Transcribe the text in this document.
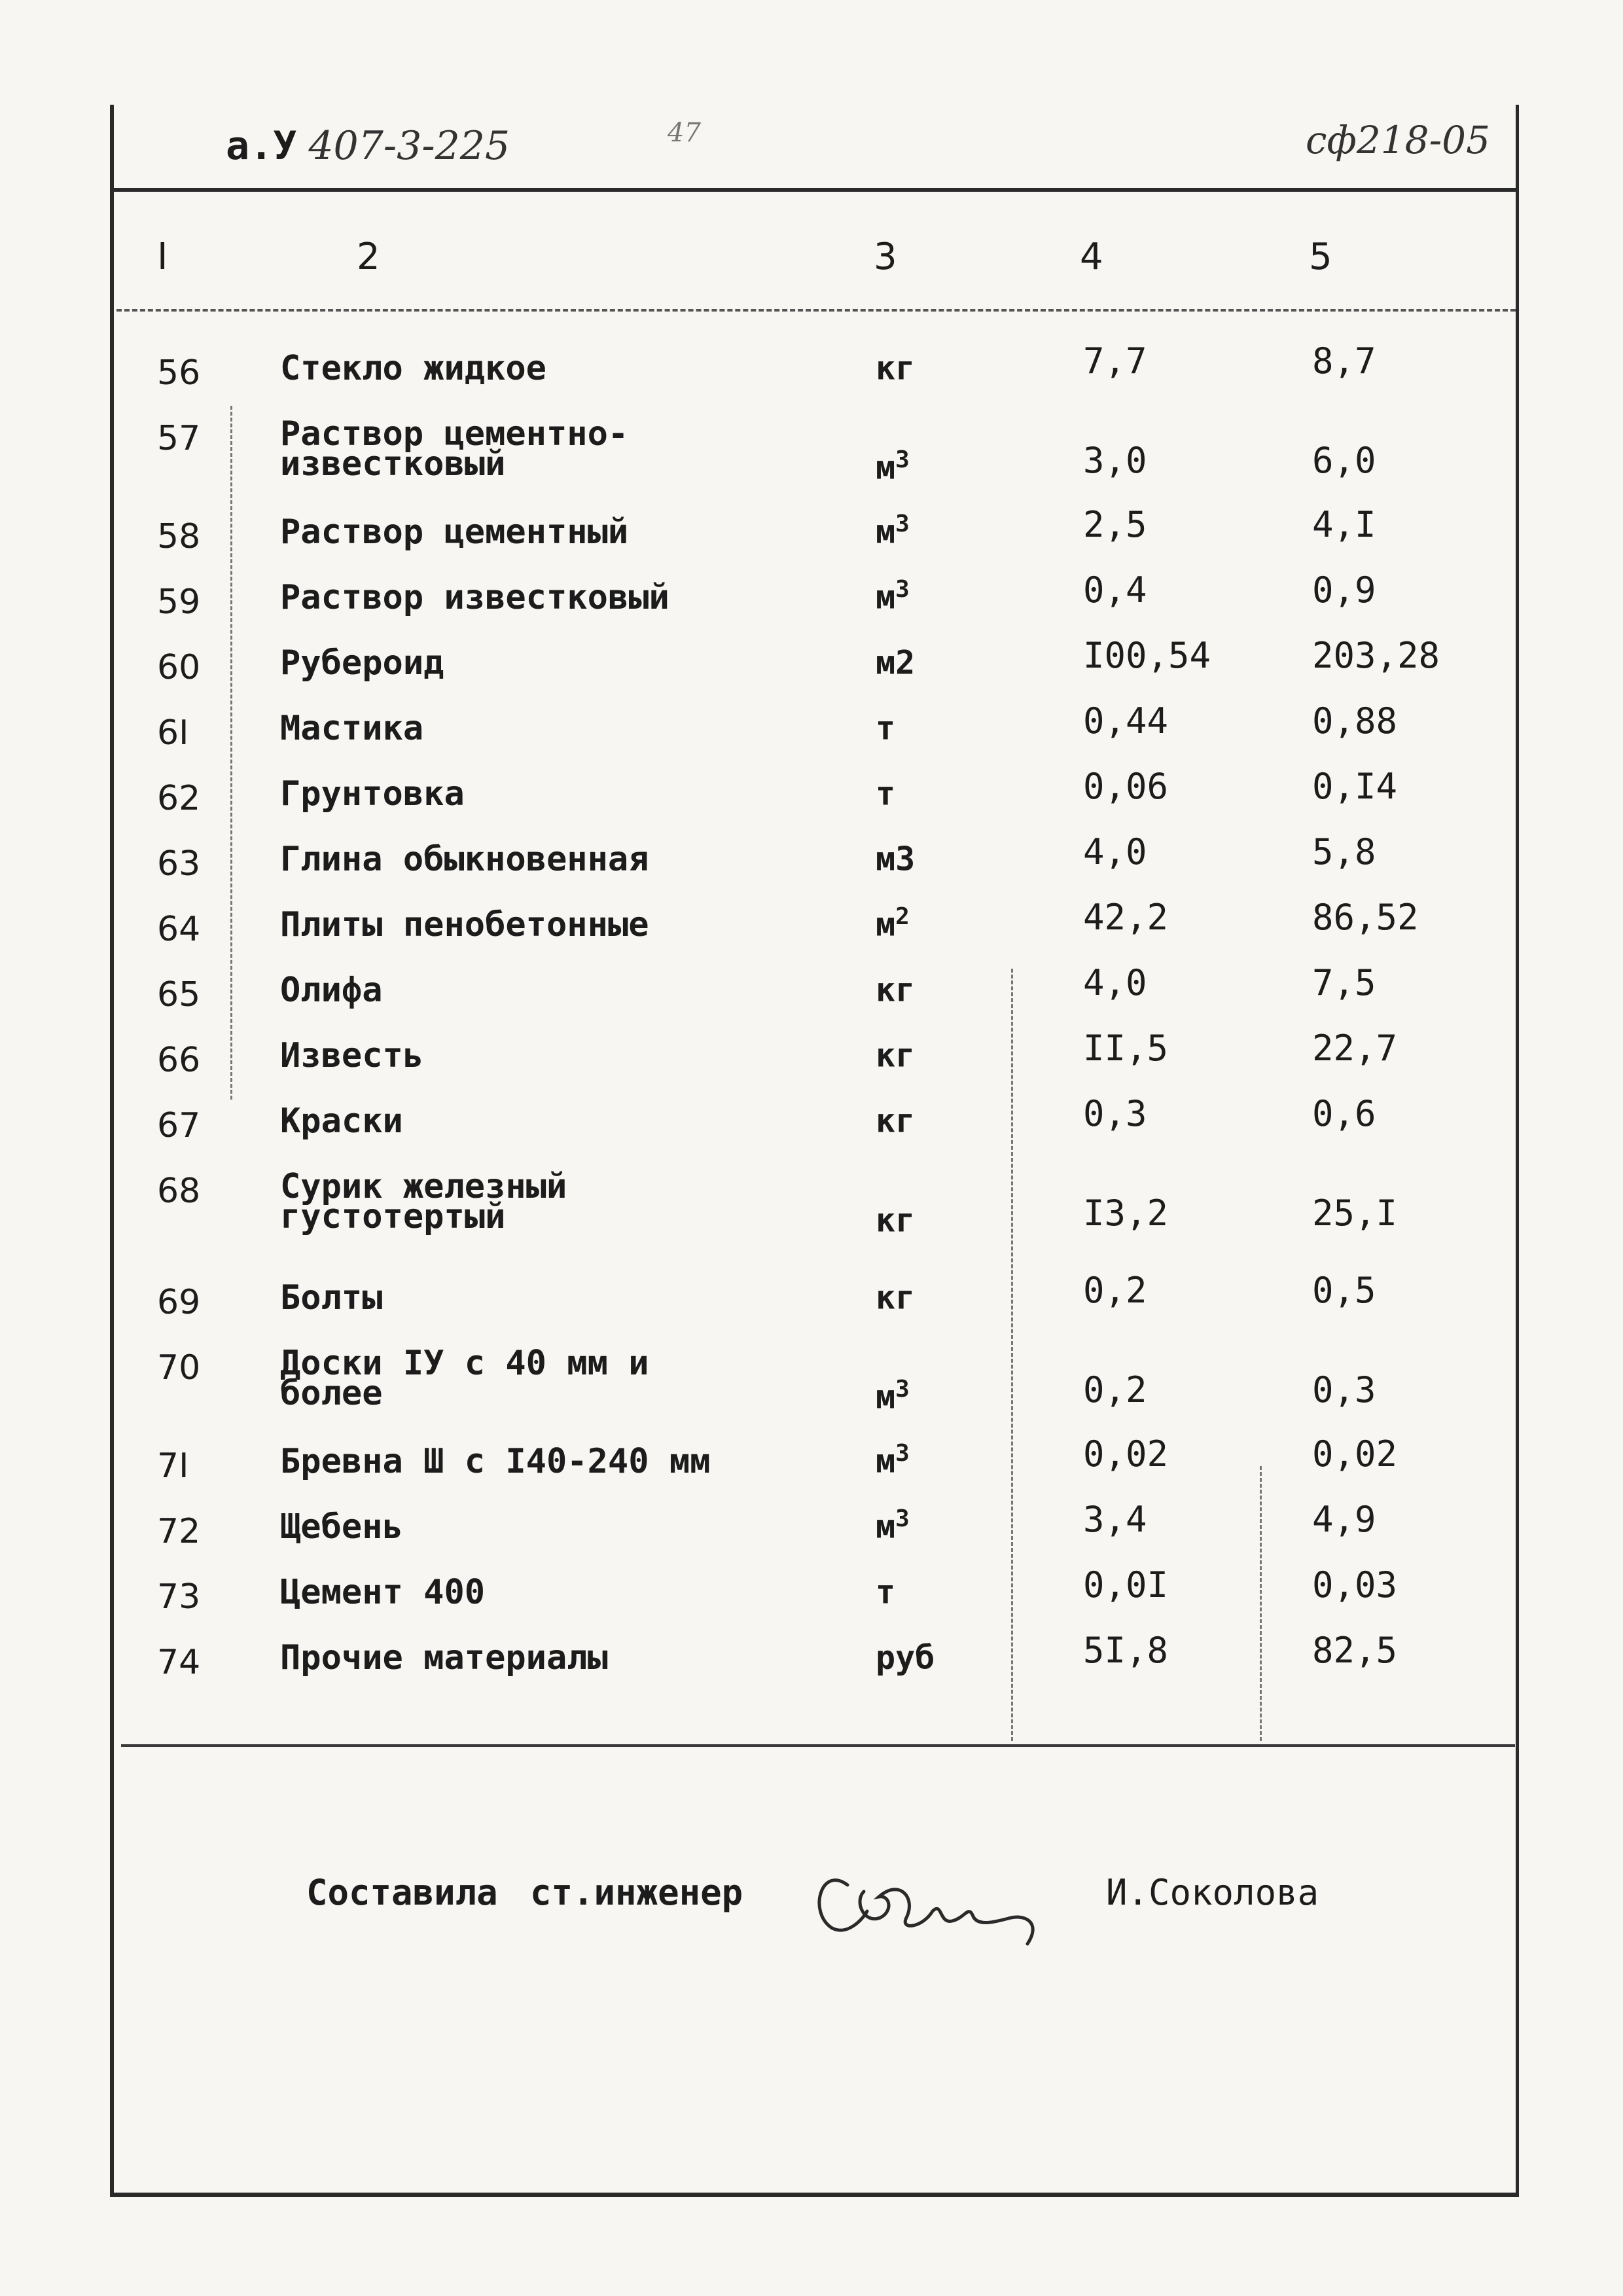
а.У 407-3-225	47	сф218-05
I	2	3	4	5
56 Стекло жидкое	кг	7,7	8,7
57 Раствор цементно-
известковый	$м^3$	3,0	6,0
58 Раствор цементный	$м^3$	2,5	4,I
59 Раствор известковый	$м^3$	0,4	0,9
60 Рубероид	м2	I00,54	203,28
6I	Мастика	т	0,44	0,88
62 Грунтовка	т	0,06	0,I4
63 Глина обыкновенная	м3	4,0	5,8
64 Плиты пенобетонные	$м^2$	42,2	86,52
65 Олифа	кг	4,0	7,5
66 Известь	кг	II,5	22,7
67 Краски	кг	0,3	0,6
68 Сурик железный
густотертый	кг	I3,2	25,I
69 Болты	кг	0,2	0,5
70 Доски IУ с 40 мм и
более	$м^3$	0,2	0,3
7I	Бревна Ш с I40-240 мм	$м^3$	0,02	0,02
72 Щебень	$м^3$	3,4	4,9
73 Цемент 400	т	0,0I	0,03
74 Прочие материалы	руб	5I,8	82,5
Составила ст.инженер	И.Соколова
